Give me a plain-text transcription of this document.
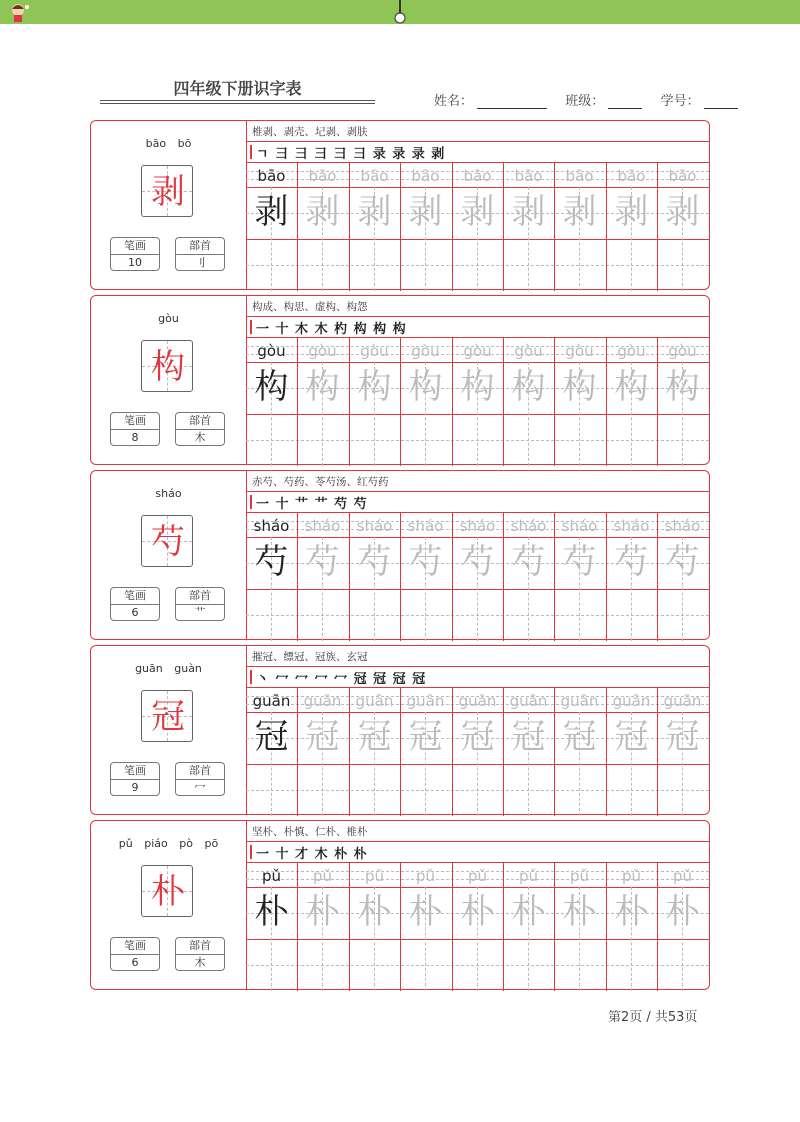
四年级下册识字表
姓名：	班级：	学号：
bāo bō
剥
笔画
10
部首
刂
椎剥、剥壳、圮剥、剥肤
ㄱ ⺕ ⺕ ⺕ 彐 彐 录 录 录 剥
bāo
剥
bāo
剥
bāo
剥
bāo
剥
bāo
剥
bāo
剥
bāo
剥
bāo
剥
bāo
剥
gòu
构
笔画
8
部首
木
构成、构思、虚构、构怨
一 十 木 木 杓 构 构 构
gòu
构
gòu
构
gòu
构
gòu
构
gòu
构
gòu
构
gòu
构
gòu
构
gòu
构
sháo
芍
笔画
6
部首
艹
赤芍、芍药、苓芍汤、红芍药
一 十 艹 艹 芍 芍
sháo
芍
sháo
芍
sháo
芍
sháo
芍
sháo
芍
sháo
芍
sháo
芍
sháo
芍
sháo
芍
guān guàn
冠
笔画
9
部首
冖
摧冠、缥冠、冠族、玄冠
丶 冖 冖 冖 冖 冠 冠 冠 冠
guān
冠
guān
冠
guān
冠
guān
冠
guān
冠
guān
冠
guān
冠
guān
冠
guān
冠
pǔ piáo pò pō
朴
笔画
6
部首
木
坚朴、朴慎、仁朴、椎朴
一 十 才 木 朴 朴
pǔ
朴
pǔ
朴
pǔ
朴
pǔ
朴
pǔ
朴
pǔ
朴
pǔ
朴
pǔ
朴
pǔ
朴
第2页 / 共53页
